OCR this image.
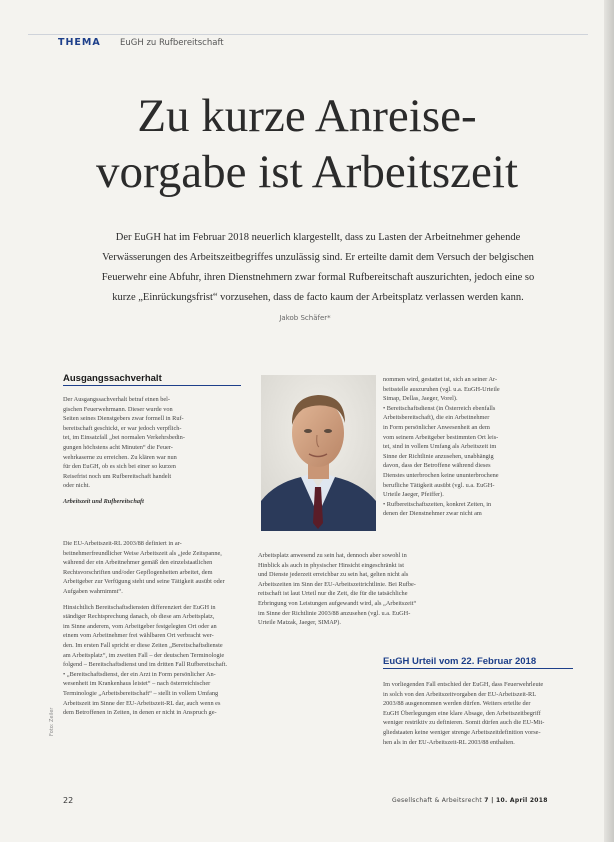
THEMA EuGH zu Rufbereitschaft
Zu kurze Anreise-
vorgabe ist Arbeitszeit

Der EuGH hat im Februar 2018 neuerlich klargestellt, dass zu Lasten der Arbeitnehmer gehende

Verwässerungen des Arbeitszeitbegriffes unzulässig sind. Er erteilte damit dem Versuch der belgischen

Feuerwehr eine Abfuhr, ihren Dienstnehmern zwar formal Rufbereitschaft auszurichten, jedoch eine so

kurze „Einrückungsfrist“ vorzusehen, dass de facto kaum der Arbeitsplatz verlassen werden kann.

Jakob Schäfer*
Ausgangssachverhalt

Der Ausgangssachverhalt betraf einen bel-

gischen Feuerwehrmann. Dieser wurde von

Seiten seines Dienstgebers zwar formell in Ruf-

bereitschaft geschickt, er war jedoch verpflich-

tet, im Einsatzfall „bei normalen Verkehrsbedin-

gungen höchstens acht Minuten“ die Feuer-

wehrkaserne zu erreichen. Zu klären war nun

für den EuGH, ob es sich bei einer so kurzen

Reisefrist noch um Rufbereitschaft handelt

oder nicht.

Arbeitszeit und Rufbereitschaft

Die EU-Arbeitszeit-RL 2003/88 definiert in ar-

beitnehmerfreundlicher Weise Arbeitszeit als „jede Zeitspanne,

während der ein Arbeitnehmer gemäß den einzelstaatlichen

Rechtsvorschriften und/oder Gepflogenheiten arbeitet, dem

Arbeitgeber zur Verfügung steht und seine Tätigkeit ausübt oder

Aufgaben wahrnimmt“.

Hinsichtlich Bereitschaftsdiensten differenziert der EuGH in

ständiger Rechtsprechung danach, ob diese am Arbeitsplatz,

im Sinne anderem, vom Arbeitgeber festgelegten Ort oder an

einem vom Arbeitnehmer frei wählbaren Ort verbracht wer-

den. Im ersten Fall spricht er diese Zeiten „Bereitschaftsdienste

am Arbeitsplatz“, im zweiten Fall – der deutschen Terminologie

folgend – Bereitschaftsdienst und im dritten Fall Rufbereitschaft.

• „Bereitschaftsdienst, der ein Arzt in Form persönlicher An-

wesenheit im Krankenhaus leistet“ – nach österreichischer

Terminologie „Arbeitsbereitschaft“ – stellt in vollem Umfang

Arbeitszeit im Sinne der EU-Arbeitszeit-RL dar, auch wenn es

dem Betroffenen in Zeiten, in denen er nicht in Anspruch ge-

nommen wird, gestattet ist, sich an seiner Ar-

beitsstelle auszuruhen (vgl. u.a. EuGH-Urteile

Simap, Dellas, Jaeger, Vorel).

• Bereitschaftsdienst (in Österreich ebenfalls

Arbeitsbereitschaft), die ein Arbeitnehmer

in Form persönlicher Anwesenheit an dem

vom seinem Arbeitgeber bestimmten Ort leis-

tet, sind in vollem Umfang als Arbeitszeit im

Sinne der Richtlinie anzusehen, unabhängig

davon, dass der Betroffene während dieses

Dienstes unterbrochen keine ununterbrochene

berufliche Tätigkeit ausübt (vgl. u.a. EuGH-

Urteile Jaeger, Pfeiffer).

• Rufbereitschaftszeiten, konkret Zeiten, in

denen der Dienstnehmer zwar nicht am

Arbeitsplatz anwesend zu sein hat, dennoch aber sowohl in

Hinblick als auch in physischer Hinsicht eingeschränkt ist

und Dienste jederzeit erreichbar zu sein hat, gelten nicht als

Arbeitszeiten im Sinn der EU-Arbeitszeitrichtlinie. Bei Rufbe-

reitschaft ist laut Urteil nur die Zeit, die für die tatsächliche

Erbringung von Leistungen aufgewandt wird, als „Arbeitszeit“

im Sinne der Richtlinie 2003/88 anzusehen (vgl. u.a. EuGH-

Urteile Matzak, Jaeger, SIMAP).

EuGH Urteil vom 22. Februar 2018

Im vorliegenden Fall entschied der EuGH, dass Feuerwehrleute

in solch von den Arbeitszeitvorgaben der EU-Arbeitszeit-RL

2003/88 ausgenommen werden dürfen. Weiters erteilte der

EuGH Überlegungen eine klare Absage, den Arbeitszeitbegriff

weniger restriktiv zu definieren. Somit dürfen auch die EU-Mit-

gliedstaaten keine weniger strenge Arbeitszeitdefinition vorse-

hen als in der EU-Arbeitszeit-RL 2003/88 enthalten.

Foto: Zeiler
22	Gesellschaft & Arbeitsrecht 7 | 10. April 2018
